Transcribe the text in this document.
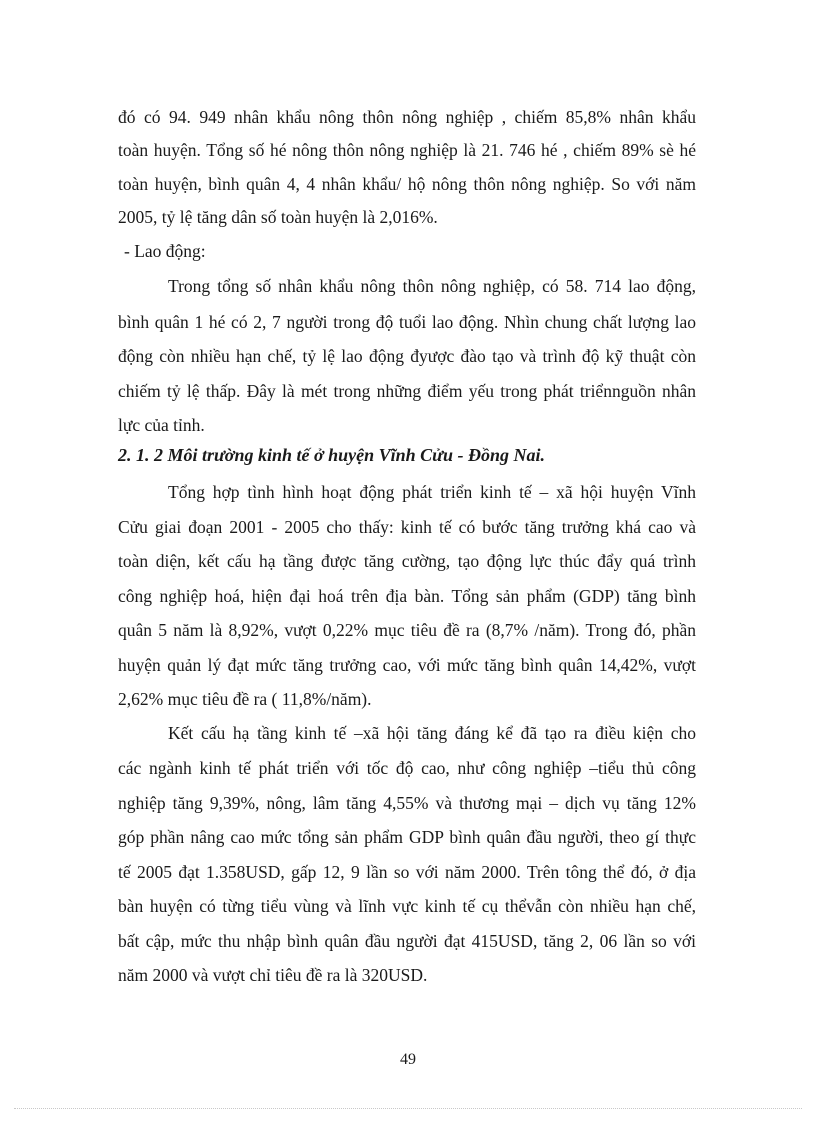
đó có 94. 949 nhân khẩu nông thôn nông nghiệp , chiếm 85,8% nhân khẩu
toàn huyện. Tổng số hé nông thôn nông nghiệp là 21. 746 hé , chiếm 89% sè hé
toàn huyện, bình quân 4, 4 nhân khẩu/ hộ nông thôn nông nghiệp. So với năm
2005, tỷ lệ tăng dân số toàn huyện là 2,016%.
- Lao động:
Trong tổng số nhân khẩu nông thôn nông nghiệp, có 58. 714 lao động,
bình quân 1 hé có 2, 7 người trong độ tuổi lao động. Nhìn chung chất lượng lao
động còn nhiều hạn chế, tỷ lệ lao động đyược đào tạo và trình độ kỹ thuật còn
chiếm tỷ lệ thấp. Đây là mét trong những điểm yếu trong phát triểnnguồn nhân
lực của tỉnh.
2. 1. 2 Môi trường kinh tế ở huyện Vĩnh Cửu - Đồng Nai.
Tổng hợp tình hình hoạt động phát triển kinh tế – xã hội huyện Vĩnh
Cửu giai đoạn 2001 - 2005 cho thấy: kinh tế có bước tăng trưởng khá cao và
toàn diện, kết cấu hạ tầng được tăng cường, tạo động lực thúc đẩy quá trình
công nghiệp hoá, hiện đại hoá trên địa bàn. Tổng sản phẩm (GDP) tăng bình
quân 5 năm là 8,92%, vượt 0,22% mục tiêu đề ra (8,7% /năm). Trong đó, phần
huyện quản lý đạt mức tăng trưởng cao, với mức tăng bình quân 14,42%, vượt
2,62% mục tiêu đề ra ( 11,8%/năm).
Kết cấu hạ tầng kinh tế –xã hội tăng đáng kể đã tạo ra điều kiện cho
các ngành kinh tế phát triển với tốc độ cao, như công nghiệp –tiểu thủ công
nghiệp tăng 9,39%, nông, lâm tăng 4,55% và thương mại – dịch vụ tăng 12%
góp phần nâng cao mức tổng sản phẩm GDP bình quân đầu người, theo gí thực
tế 2005 đạt 1.358USD, gấp 12, 9 lần so với năm 2000. Trên tông thể đó, ở địa
bàn huyện có từng tiểu vùng và lĩnh vực kinh tế cụ thểvẫn còn nhiều hạn chế,
bất cập, mức thu nhập bình quân đầu người đạt 415USD, tăng 2, 06 lần so với
năm 2000 và vượt chỉ tiêu đề ra là 320USD.
49
